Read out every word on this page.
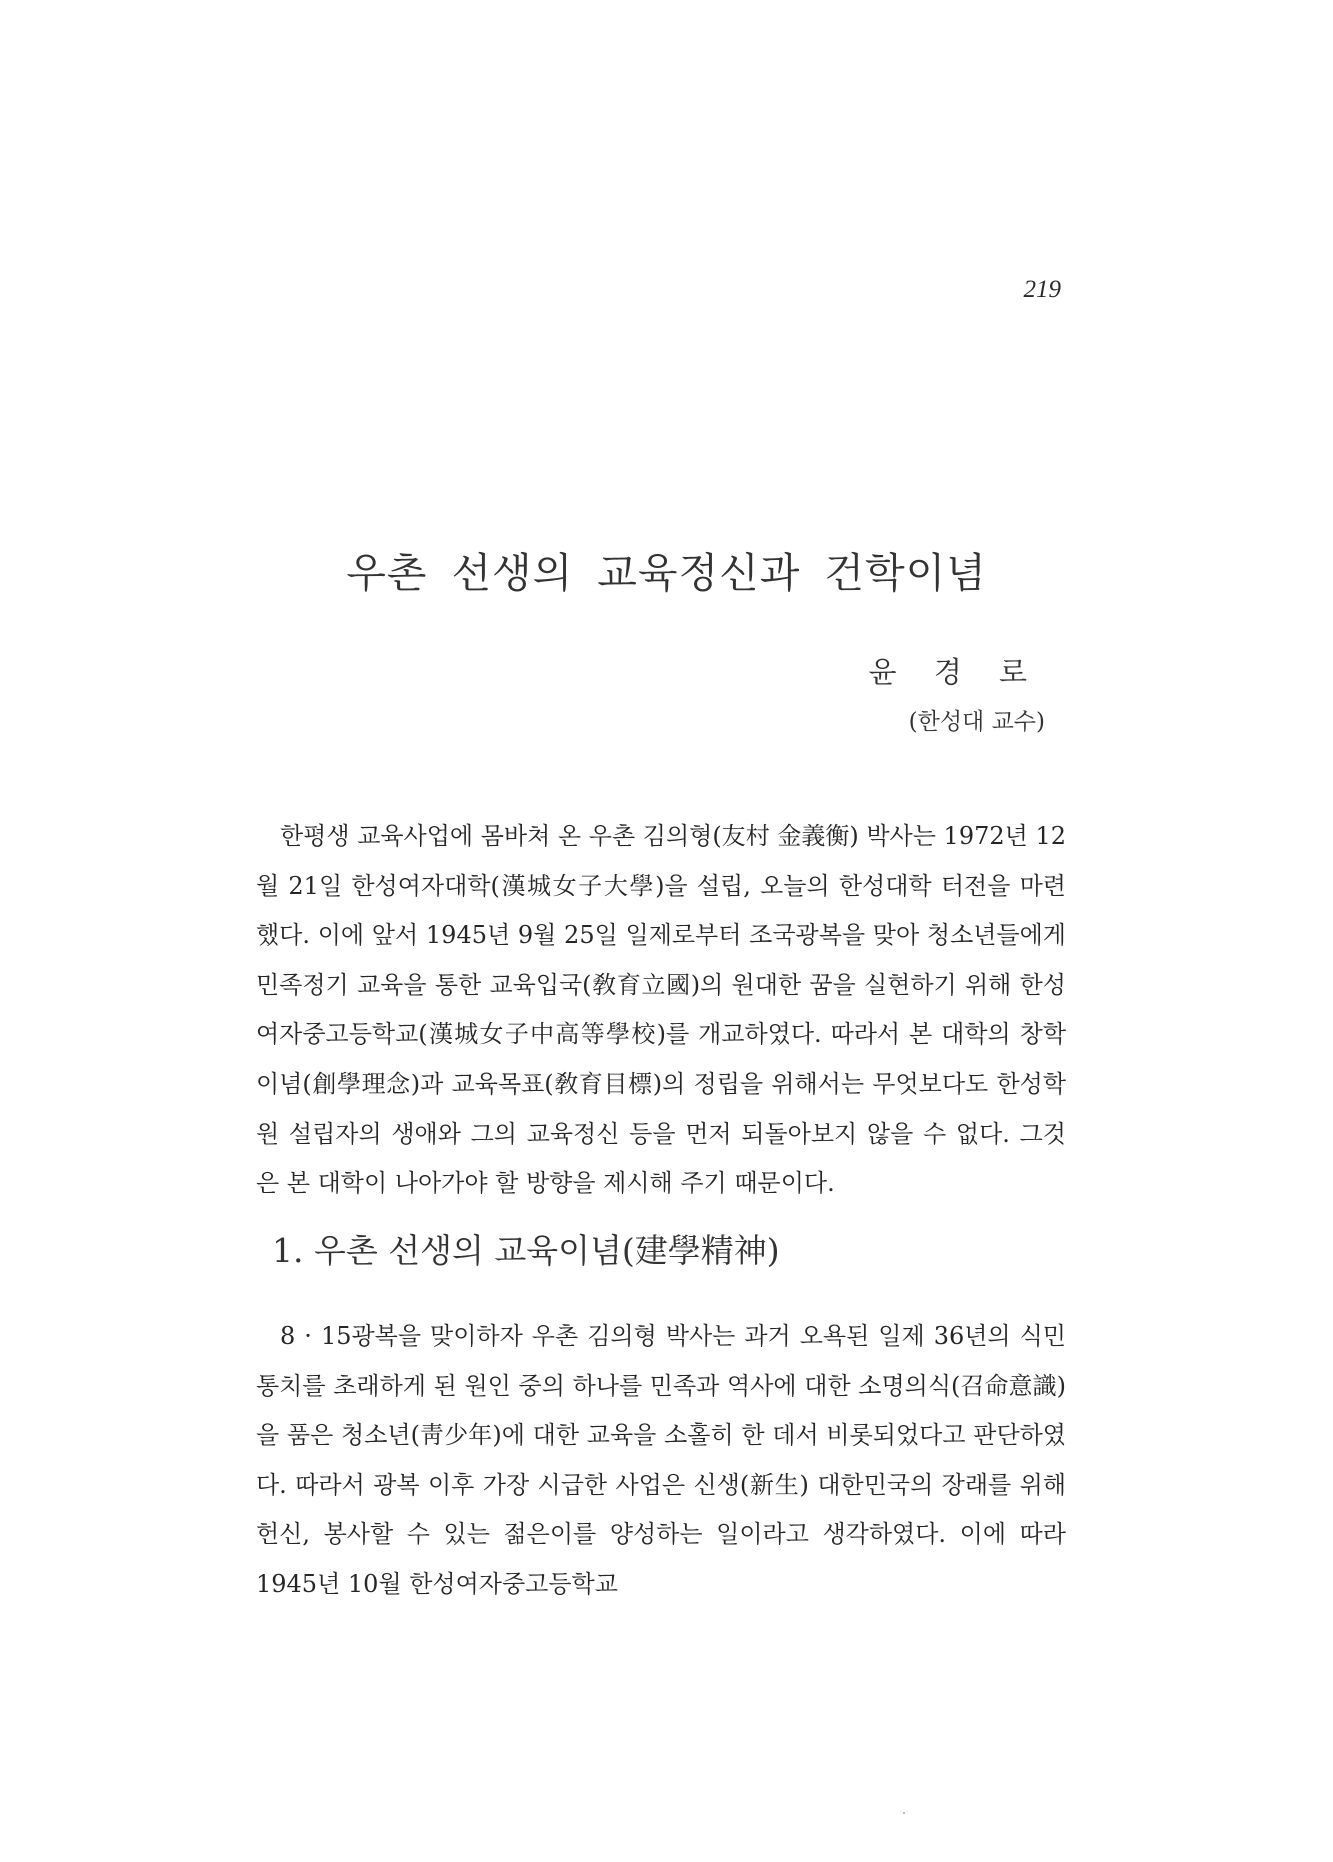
219
우촌 선생의 교육정신과 건학이념
윤 경 로
(한성대 교수)
한평생 교육사업에 몸바쳐 온 우촌 김의형(友村 金義衡) 박사는 1972년 12월 21일 한성여자대학(漢城女子大學)을 설립, 오늘의 한성대학 터전을 마련했다. 이에 앞서 1945년 9월 25일 일제로부터 조국광복을 맞아 청소년들에게 민족정기 교육을 통한 교육입국(敎育立國)의 원대한 꿈을 실현하기 위해 한성여자중고등학교(漢城女子中高等學校)를 개교하였다. 따라서 본 대학의 창학이념(創學理念)과 교육목표(敎育目標)의 정립을 위해서는 무엇보다도 한성학원 설립자의 생애와 그의 교육정신 등을 먼저 되돌아보지 않을 수 없다. 그것은 본 대학이 나아가야 할 방향을 제시해 주기 때문이다.
1. 우촌 선생의 교육이념(建學精神)
8 · 15광복을 맞이하자 우촌 김의형 박사는 과거 오욕된 일제 36년의 식민통치를 초래하게 된 원인 중의 하나를 민족과 역사에 대한 소명의식(召命意識)을 품은 청소년(靑少年)에 대한 교육을 소홀히 한 데서 비롯되었다고 판단하였다. 따라서 광복 이후 가장 시급한 사업은 신생(新生) 대한민국의 장래를 위해 헌신, 봉사할 수 있는 젊은이를 양성하는 일이라고 생각하였다. 이에 따라 1945년 10월 한성여자중고등학교
